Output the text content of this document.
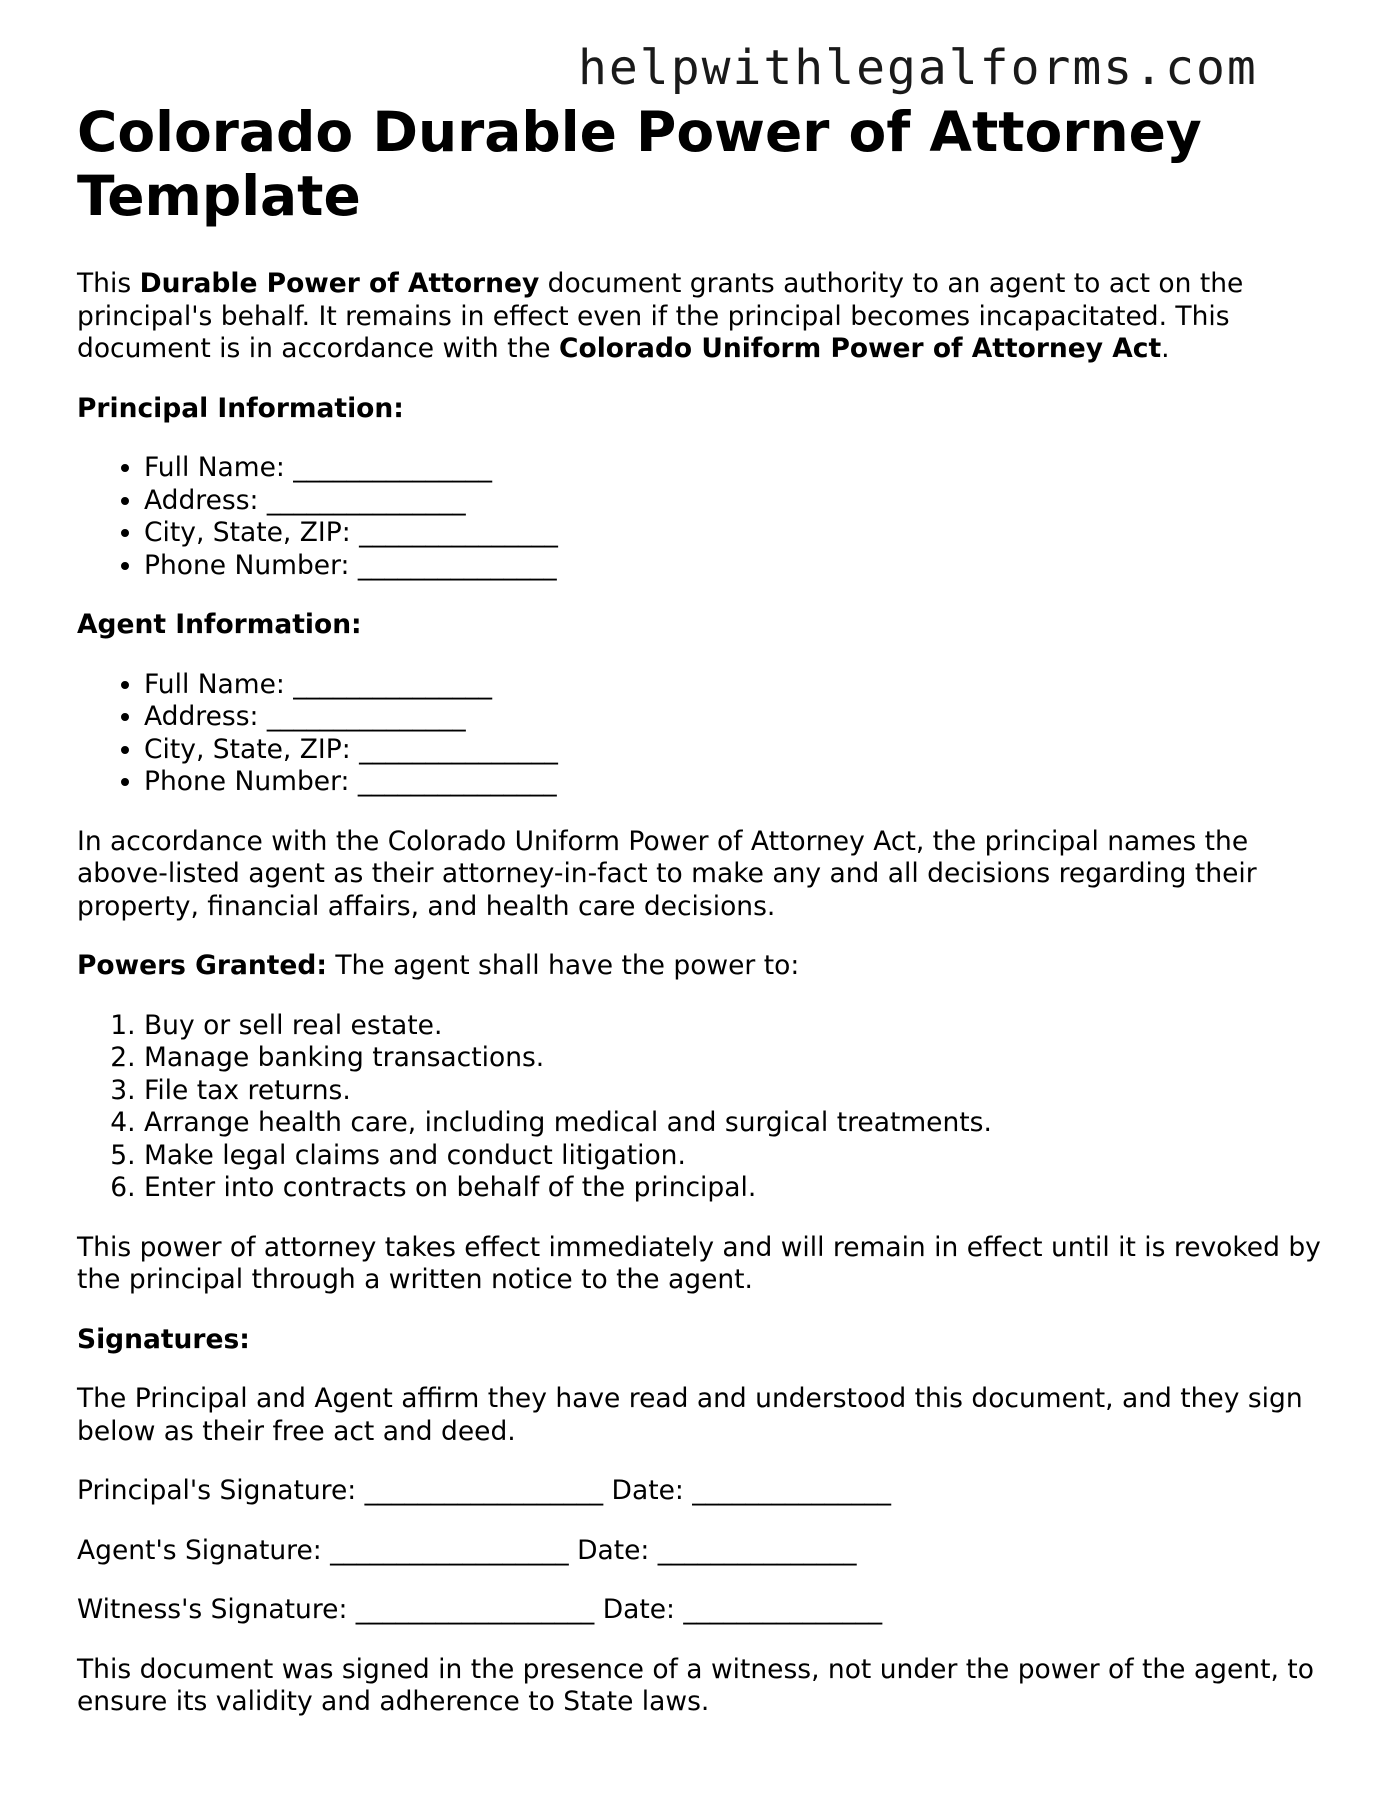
helpwithlegalforms.com
Colorado Durable Power of Attorney Template

This Durable Power of Attorney document grants authority to an agent to act on the principal's behalf. It remains in effect even if the principal becomes incapacitated. This document is in accordance with the Colorado Uniform Power of Attorney Act.

Principal Information:

• Full Name: _______________
• Address: _______________
• City, State, ZIP: _______________
• Phone Number: _______________

Agent Information:

• Full Name: _______________
• Address: _______________
• City, State, ZIP: _______________
• Phone Number: _______________

In accordance with the Colorado Uniform Power of Attorney Act, the principal names the above-listed agent as their attorney-in-fact to make any and all decisions regarding their property, financial affairs, and health care decisions.

Powers Granted: The agent shall have the power to:

1. Buy or sell real estate.
2. Manage banking transactions.
3. File tax returns.
4. Arrange health care, including medical and surgical treatments.
5. Make legal claims and conduct litigation.
6. Enter into contracts on behalf of the principal.

This power of attorney takes effect immediately and will remain in effect until it is revoked by the principal through a written notice to the agent.

Signatures:

The Principal and Agent affirm they have read and understood this document, and they sign below as their free act and deed.

Principal's Signature: __________________ Date: _______________

Agent's Signature: __________________ Date: _______________

Witness's Signature: __________________ Date: _______________

This document was signed in the presence of a witness, not under the power of the agent, to ensure its validity and adherence to State laws.
